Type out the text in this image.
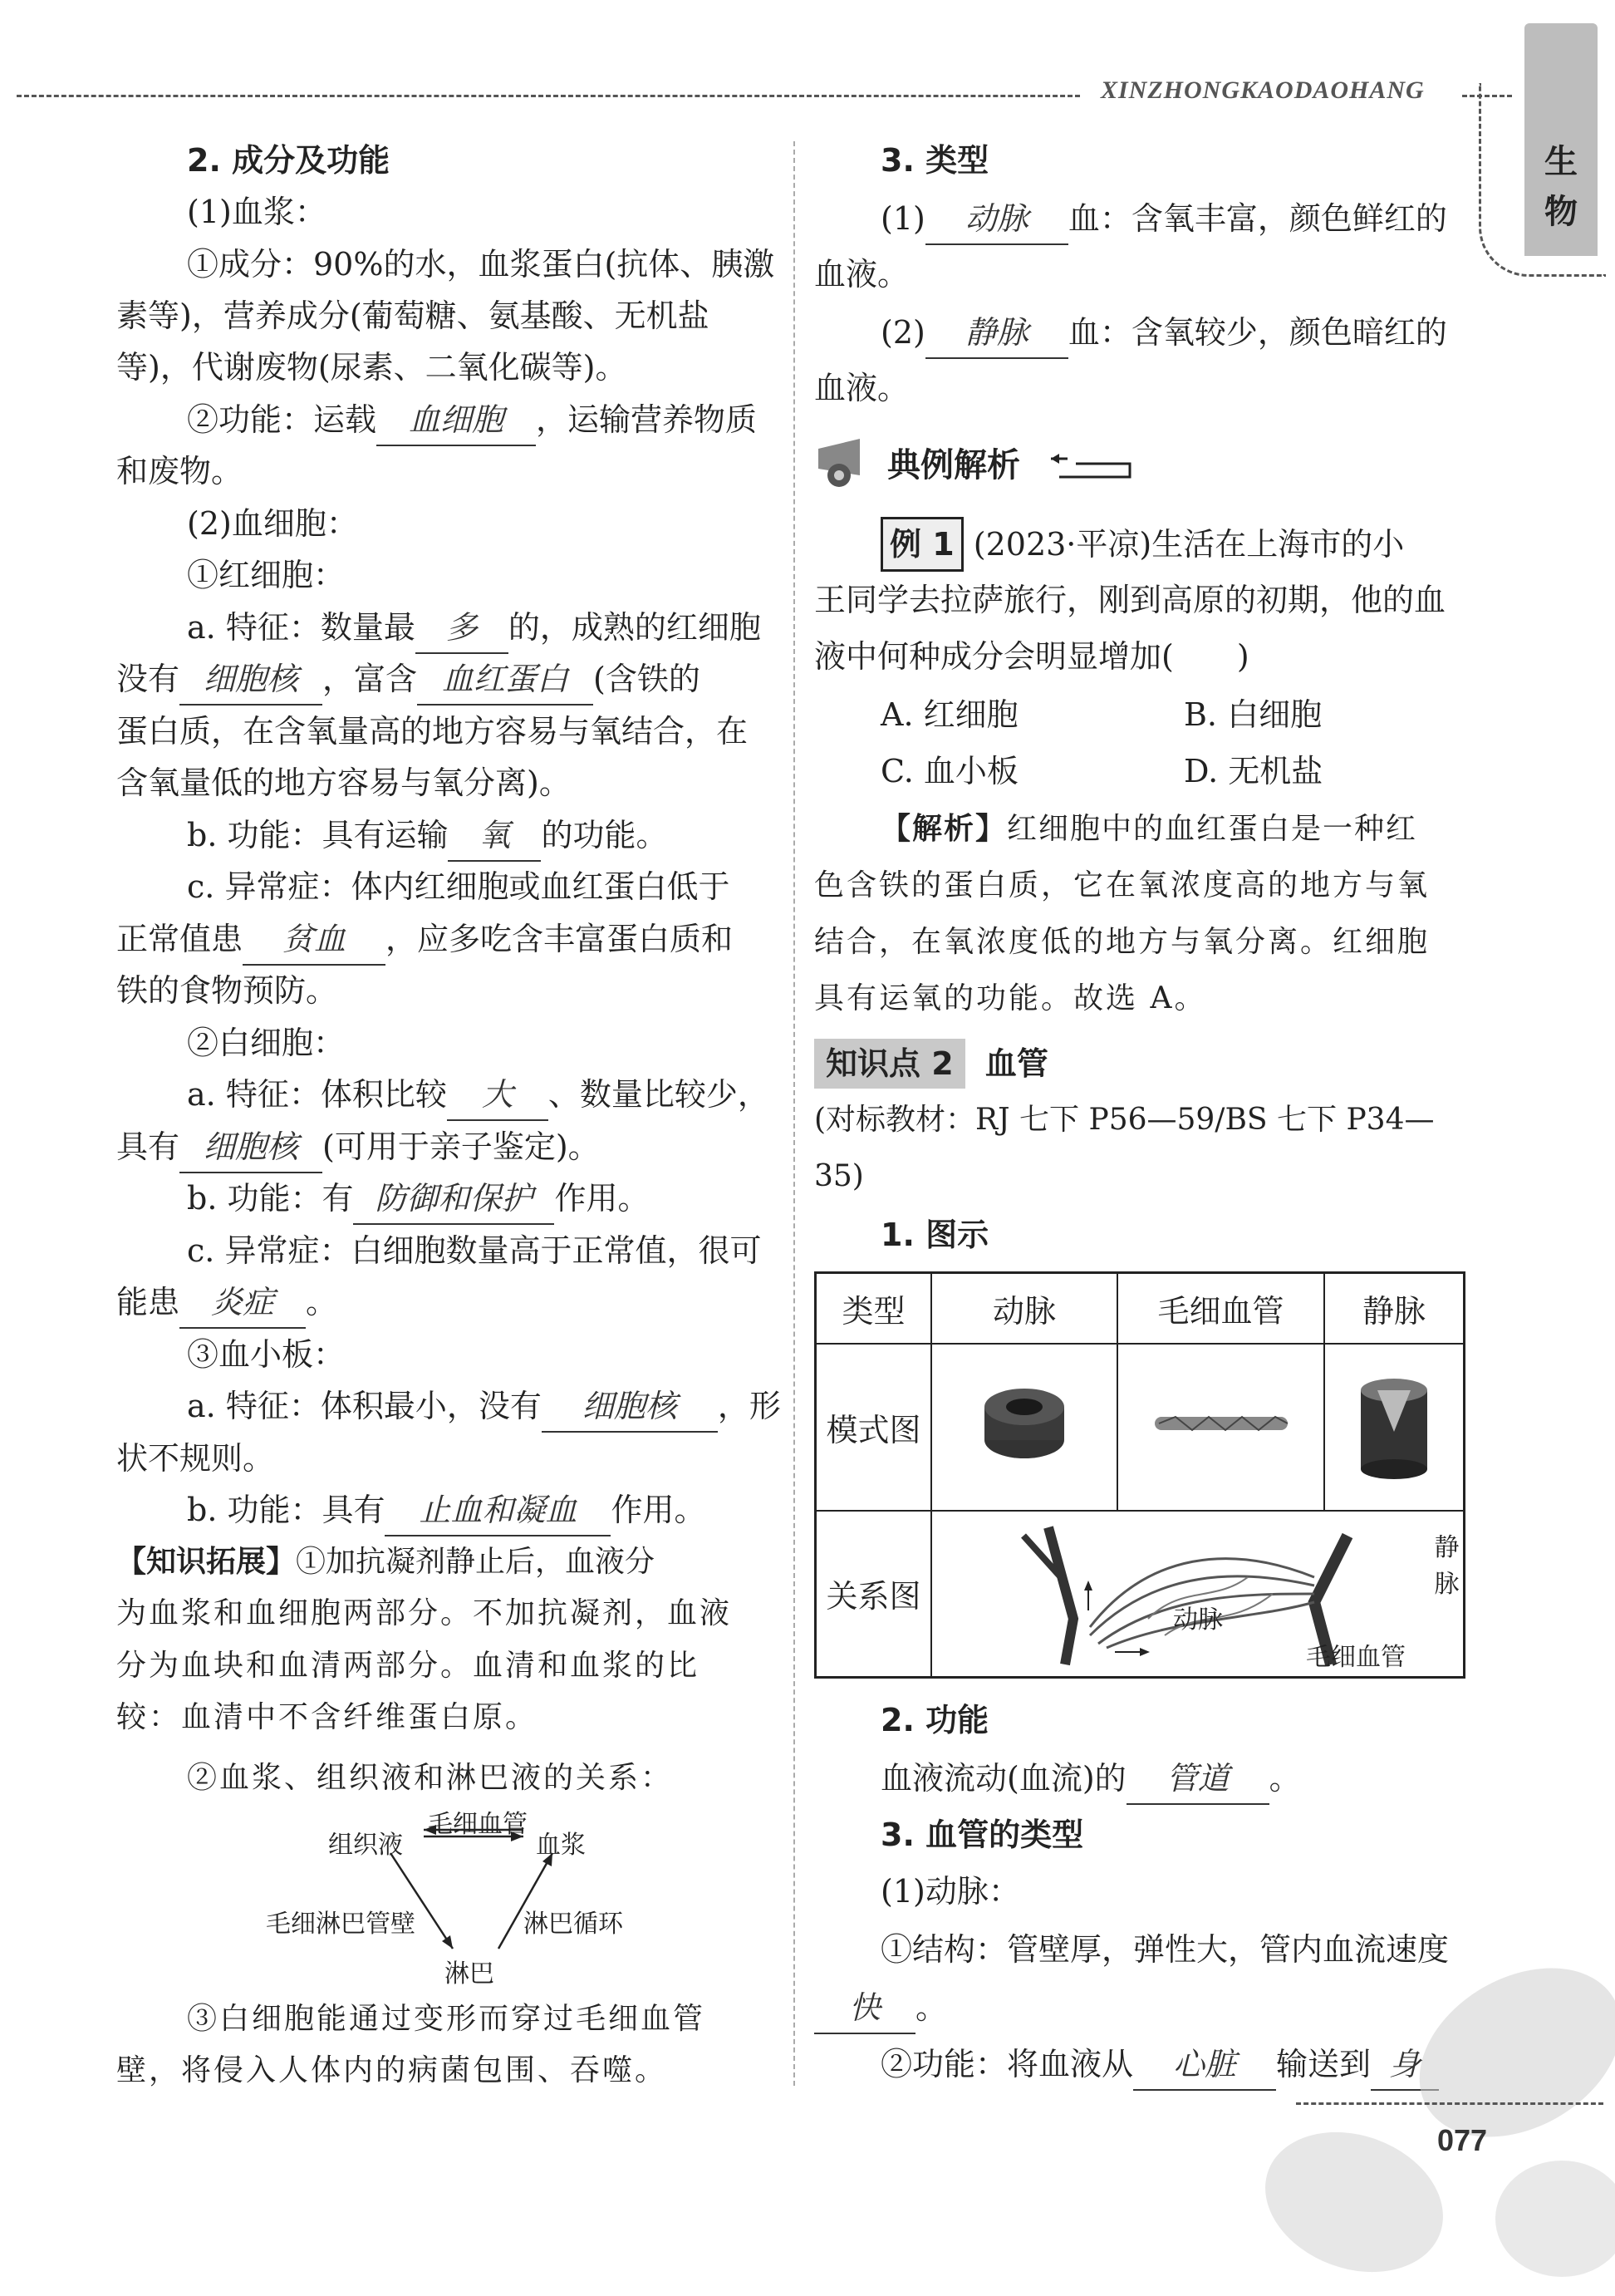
XINZHONGKAODAOHANG
生
物
2. 成分及功能
(1)血浆：
①成分：90%的水，血浆蛋白(抗体、胰激
素等)，营养成分(葡萄糖、氨基酸、无机盐
等)，代谢废物(尿素、二氧化碳等)。
②功能：运载 血细胞 ，运输营养物质
和废物。
(2)血细胞：
①红细胞：
a. 特征：数量最 多 的，成熟的红细胞
没有 细胞核 ，富含 血红蛋白 (含铁的
蛋白质，在含氧量高的地方容易与氧结合，在
含氧量低的地方容易与氧分离)。
b. 功能：具有运输 氧 的功能。
c. 异常症：体内红细胞或血红蛋白低于
正常值患 贫血 ，应多吃含丰富蛋白质和
铁的食物预防。
②白细胞：
a. 特征：体积比较 大 、数量比较少，
具有 细胞核 (可用于亲子鉴定)。
b. 功能：有 防御和保护 作用。
c. 异常症：白细胞数量高于正常值，很可
能患 炎症 。
③血小板：
a. 特征：体积最小，没有 细胞核 ，形
状不规则。
b. 功能：具有 止血和凝血 作用。
【知识拓展】①加抗凝剂静止后，血液分
为血浆和血细胞两部分。不加抗凝剂，血液
分为血块和血清两部分。血清和血浆的比
较：血清中不含纤维蛋白原。
②血浆、组织液和淋巴液的关系：
毛细血管
组织液	血浆
毛细淋巴管壁	淋巴循环
淋巴
③白细胞能通过变形而穿过毛细血管
壁，将侵入人体内的病菌包围、吞噬。
3. 类型
(1) 动脉 血：含氧丰富，颜色鲜红的
血液。
(2) 静脉 血：含氧较少，颜色暗红的
血液。
典例解析
例 1 (2023·平凉)生活在上海市的小
王同学去拉萨旅行，刚到高原的初期，他的血
液中何种成分会明显增加(　　)
A. 红细胞	B. 白细胞
C. 血小板	D. 无机盐
【解析】红细胞中的血红蛋白是一种红
色含铁的蛋白质，它在氧浓度高的地方与氧
结合，在氧浓度低的地方与氧分离。红细胞
具有运氧的功能。故选 A。
知识点 2 血管
(对标教材：RJ 七下 P56—59/BS 七下 P34—
35)
1. 图示
类型	动脉	毛细血管	静脉
模式图			
关系图	静脉
动脉
毛细血管		
2. 功能
血液流动(血流)的 管道 。
3. 血管的类型
(1)动脉：
①结构：管壁厚，弹性大，管内血流速度
快 。
②功能：将血液从 心脏 输送到 身
077
